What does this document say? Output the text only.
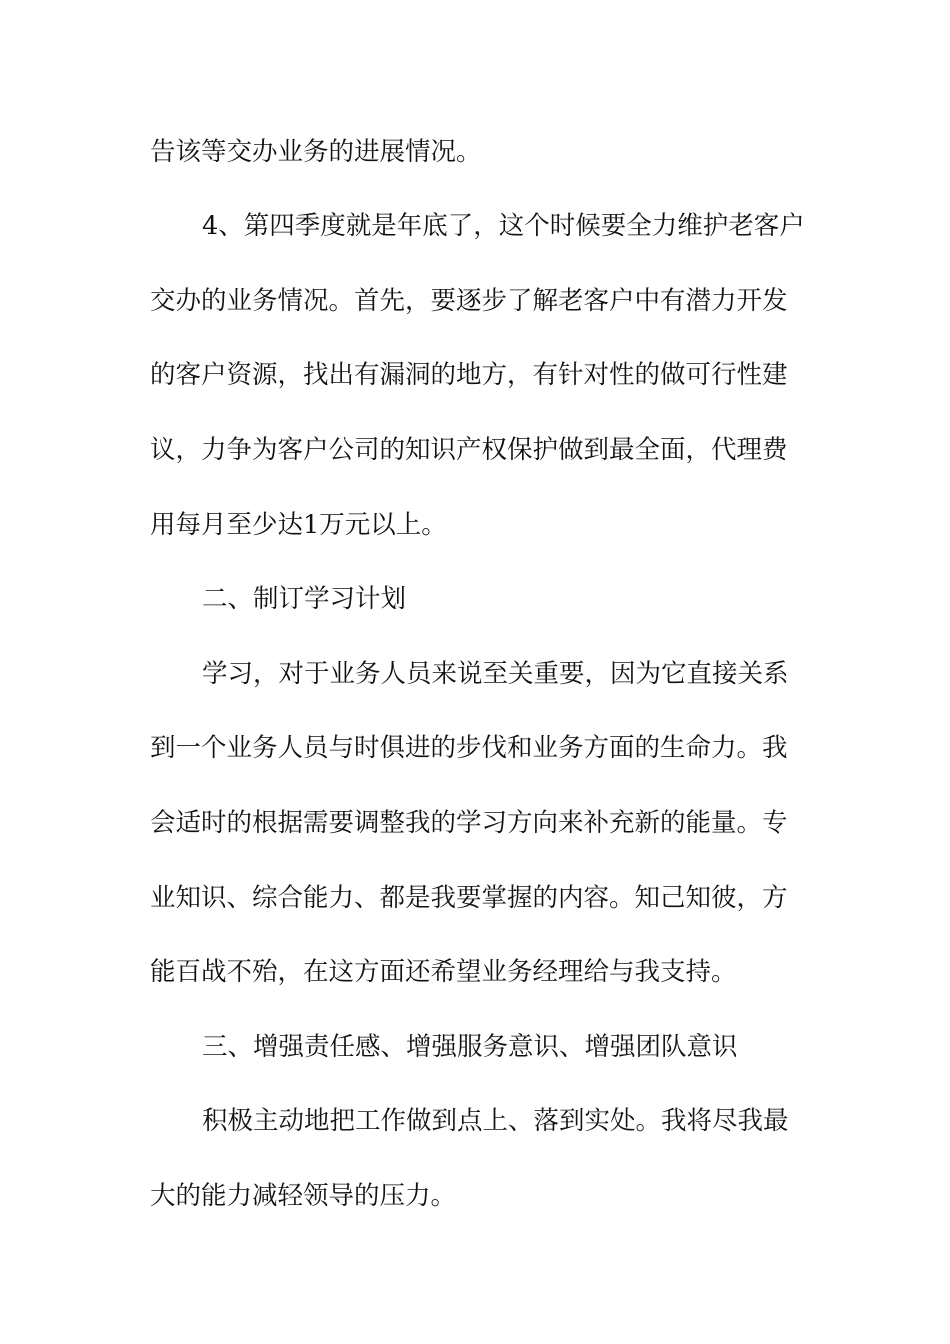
告该等交办业务的进展情况。
4、第四季度就是年底了，这个时候要全力维护老客户
交办的业务情况。首先，要逐步了解老客户中有潜力开发
的客户资源，找出有漏洞的地方，有针对性的做可行性建
议，力争为客户公司的知识产权保护做到最全面，代理费
用每月至少达1万元以上。
二、制订学习计划
学习，对于业务人员来说至关重要，因为它直接关系
到一个业务人员与时俱进的步伐和业务方面的生命力。我
会适时的根据需要调整我的学习方向来补充新的能量。专
业知识、综合能力、都是我要掌握的内容。知己知彼，方
能百战不殆，在这方面还希望业务经理给与我支持。
三、增强责任感、增强服务意识、增强团队意识
积极主动地把工作做到点上、落到实处。我将尽我最
大的能力减轻领导的压力。
